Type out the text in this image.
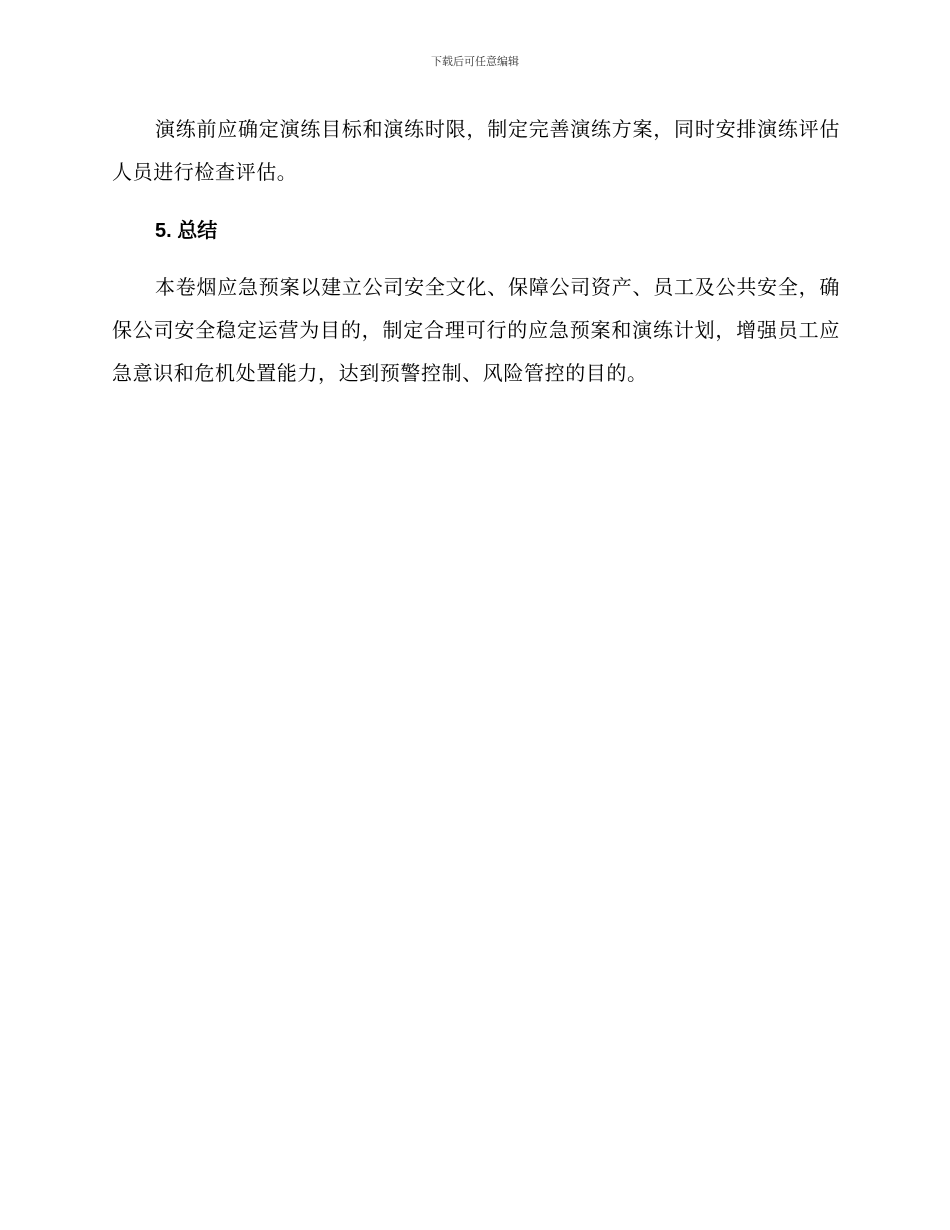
下载后可任意编辑

演练前应确定演练目标和演练时限，制定完善演练方案，同时安排演练评估人员进行检查评估。

5. 总结

本卷烟应急预案以建立公司安全文化、保障公司资产、员工及公共安全，确保公司安全稳定运营为目的，制定合理可行的应急预案和演练计划，增强员工应急意识和危机处置能力，达到预警控制、风险管控的目的。
